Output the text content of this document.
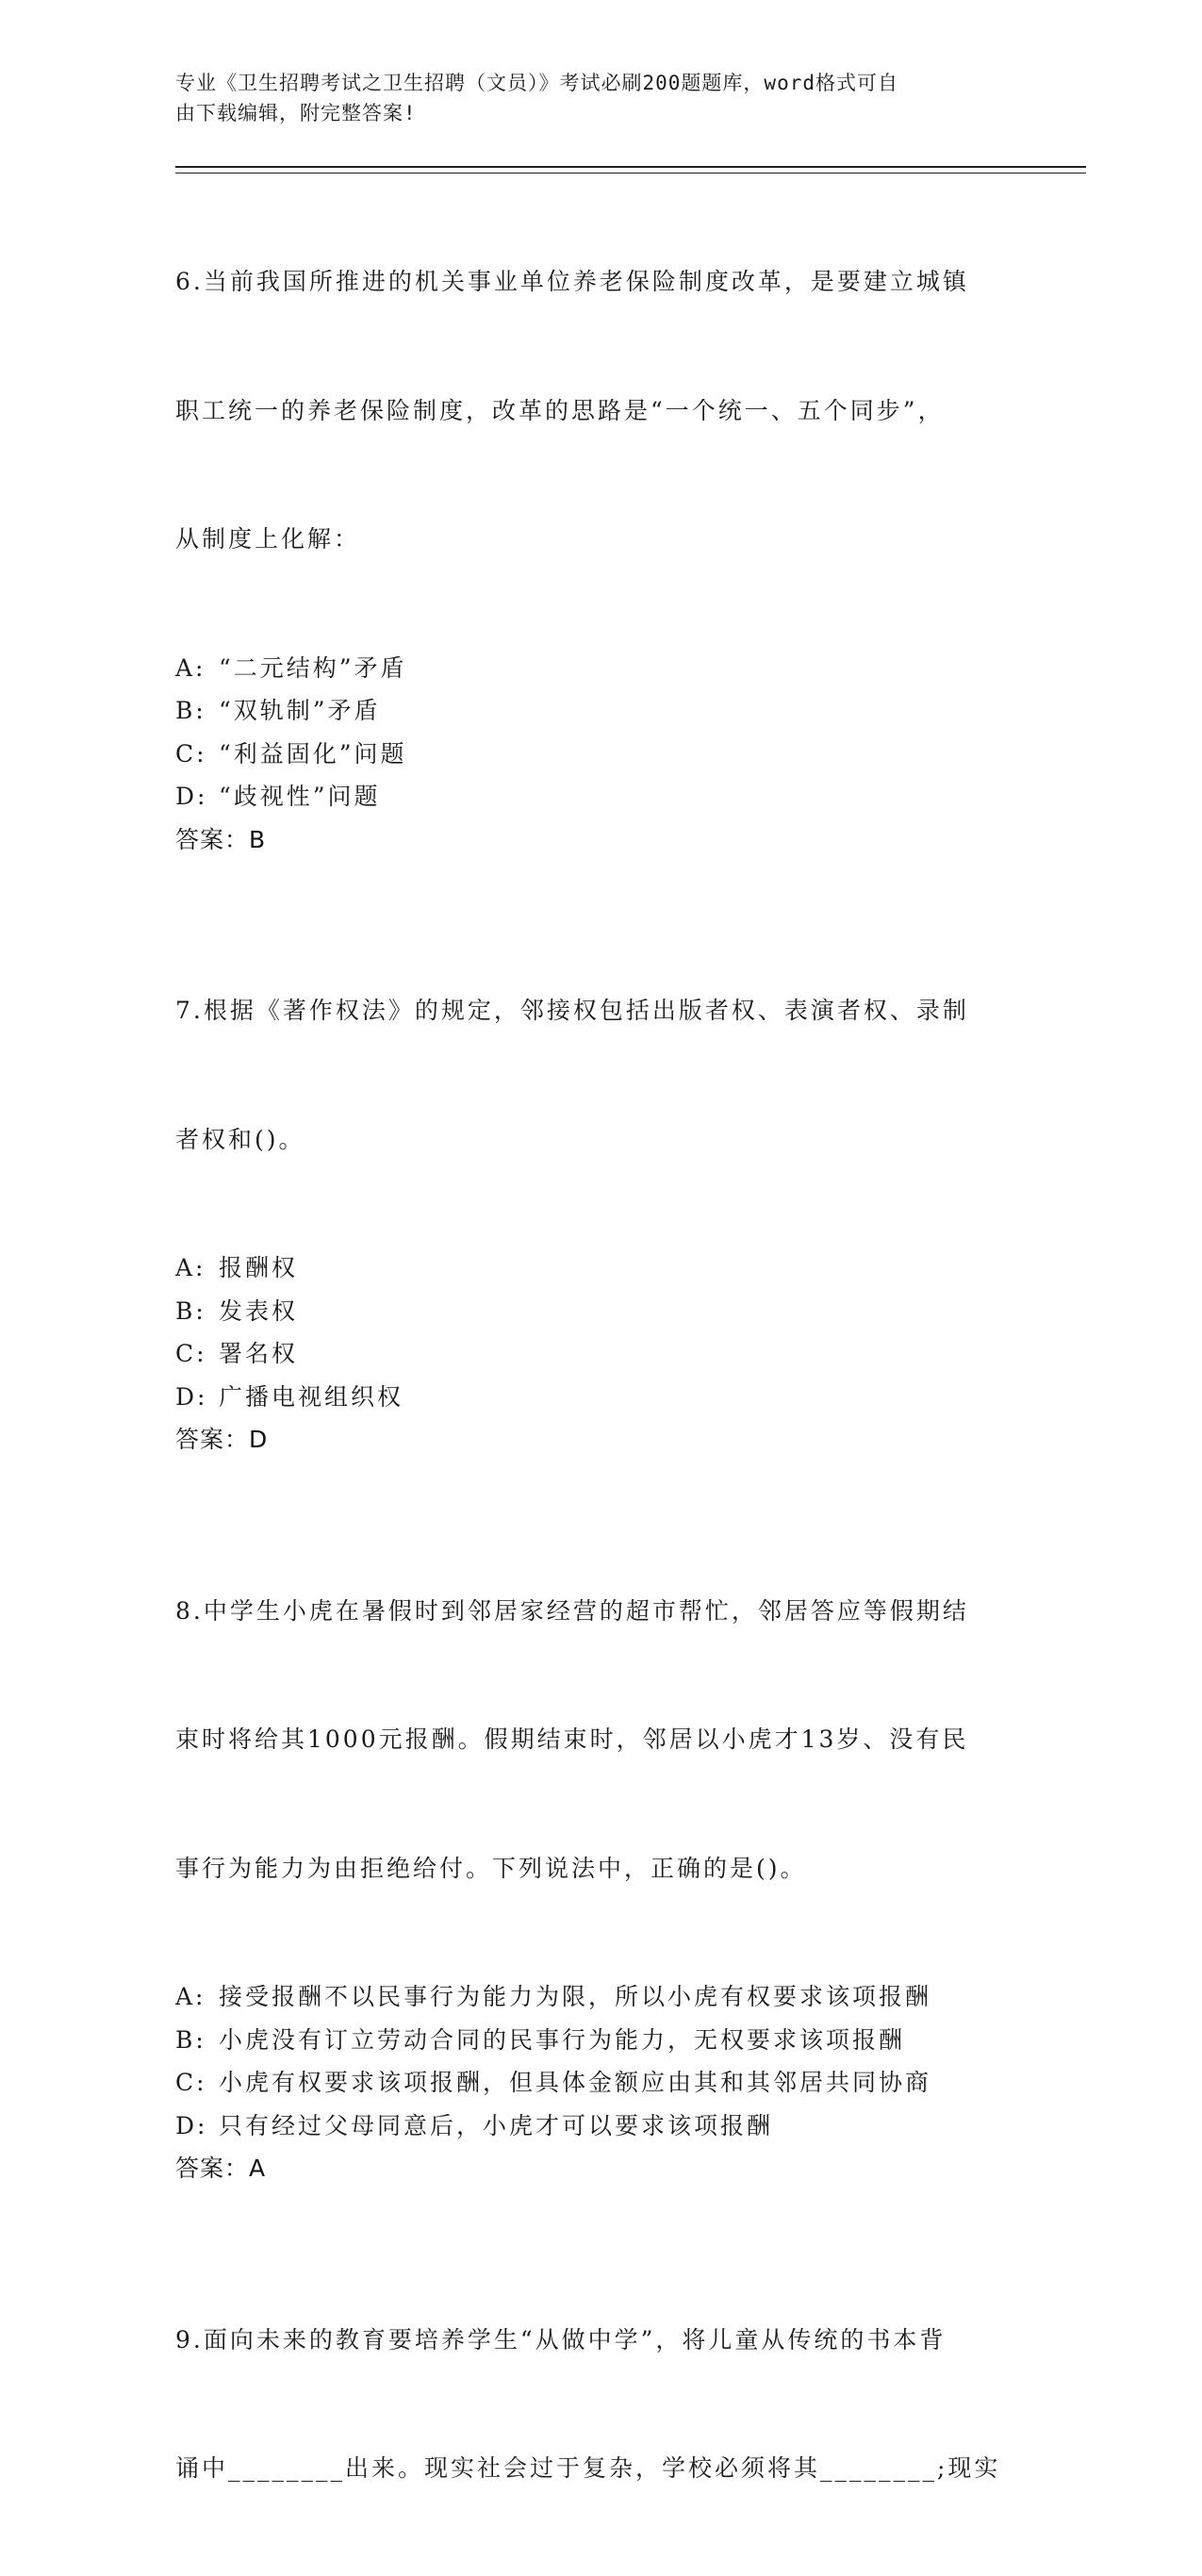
专业《卫生招聘考试之卫生招聘（文员）》考试必刷200题题库，word格式可自
由下载编辑，附完整答案!

6.当前我国所推进的机关事业单位养老保险制度改革，是要建立城镇

职工统一的养老保险制度，改革的思路是“一个统一、五个同步”，

从制度上化解：

A: “二元结构”矛盾
B: “双轨制”矛盾
C: “利益固化”问题
D: “歧视性”问题
答案：B

7.根据《著作权法》的规定，邻接权包括出版者权、表演者权、录制

者权和()。

A: 报酬权
B: 发表权
C: 署名权
D: 广播电视组织权
答案：D

8.中学生小虎在暑假时到邻居家经营的超市帮忙，邻居答应等假期结

束时将给其1000元报酬。假期结束时，邻居以小虎才13岁、没有民

事行为能力为由拒绝给付。下列说法中，正确的是()。

A: 接受报酬不以民事行为能力为限，所以小虎有权要求该项报酬
B: 小虎没有订立劳动合同的民事行为能力，无权要求该项报酬
C: 小虎有权要求该项报酬，但具体金额应由其和其邻居共同协商
D: 只有经过父母同意后，小虎才可以要求该项报酬
答案：A

9.面向未来的教育要培养学生“从做中学”，将儿童从传统的书本背

诵中________出来。现实社会过于复杂，学校必须将其________;现实
